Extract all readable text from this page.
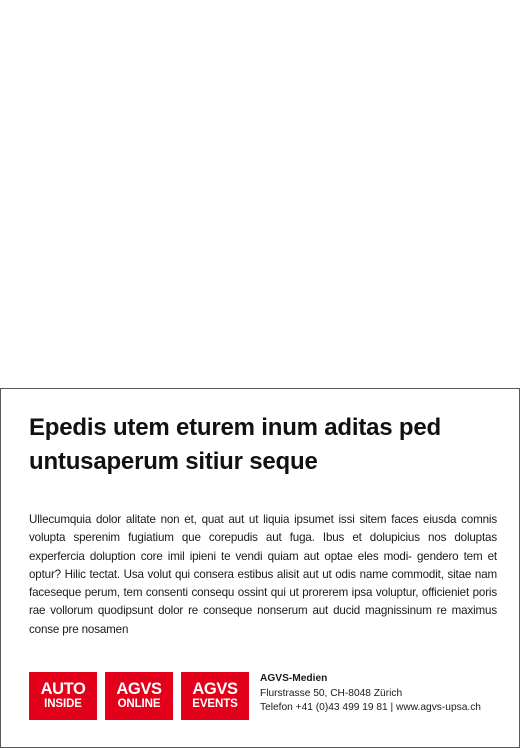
Epedis utem eturem inum aditas ped untusaperum sitiur seque

Ullecumquia dolor alitate non et, quat aut ut liquia ipsumet issi sitem faces eiusda comnis volupta sperenim fugiatium que corepudis aut fuga. Ibus et dolupicius nos doluptas experfercia doluption core imil ipieni te vendi quiam aut optae eles modi- gendero tem et optur? Hilic tectat. Usa volut qui consera estibus alisit aut ut odis name commodit, sitae nam faceseque perum, tem consenti consequ ossint qui ut prorerem ipsa voluptur, officieniet poris rae vollorum quodipsunt dolor re conseque nonserum aut ducid magnissinum re maximus conse pre nosamen

AUTO
INSIDE
AGVS
ONLINE
AGVS
EVENTS
AGVS-Medien
Flurstrasse 50, CH-8048 Zürich
Telefon +41 (0)43 499 19 81 | www.agvs-upsa.ch
